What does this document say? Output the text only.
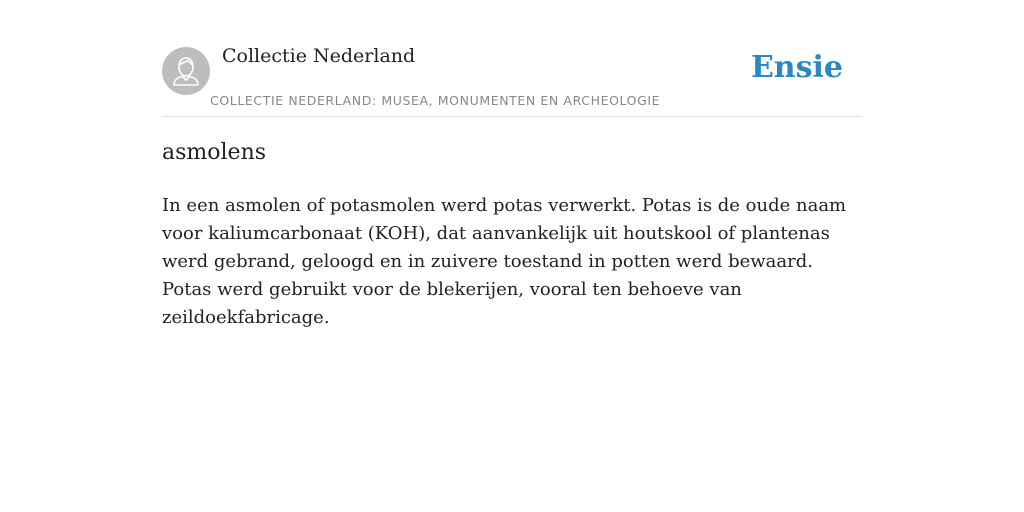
Collectie Nederland
COLLECTIE NEDERLAND: MUSEA, MONUMENTEN EN ARCHEOLOGIE
Ensie
asmolens

In een asmolen of potasmolen werd potas verwerkt. Potas is de oude naam voor kaliumcarbonaat (KOH), dat aanvankelijk uit houtskool of plantenas werd gebrand, geloogd en in zuivere toestand in potten werd bewaard. Potas werd gebruikt voor de blekerijen, vooral ten behoeve van zeildoekfabricage.
